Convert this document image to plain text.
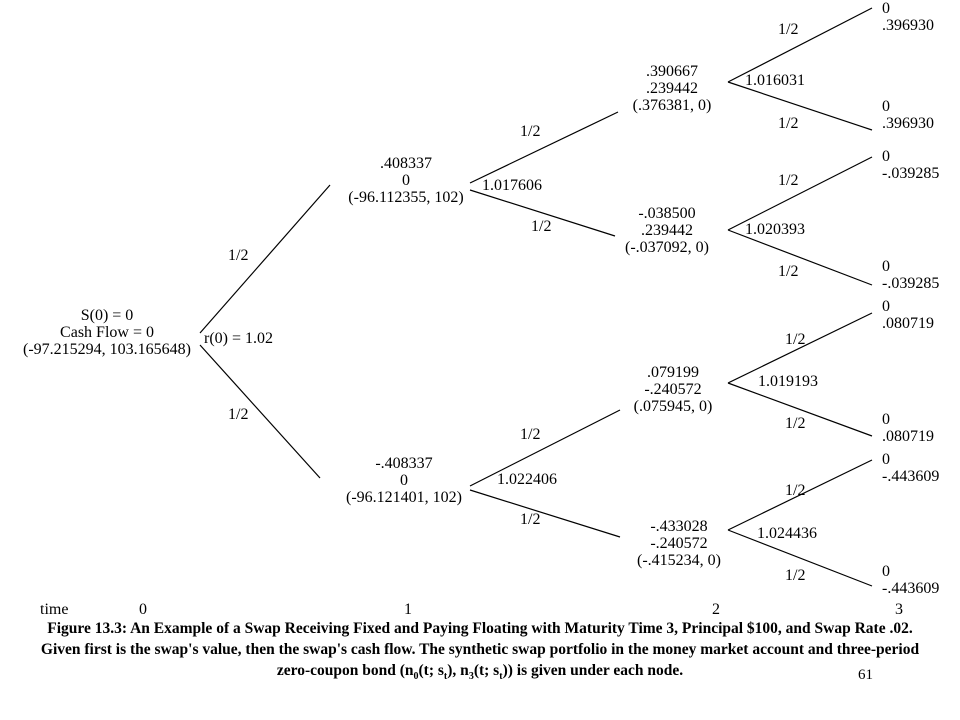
S(0) = 0
Cash Flow = 0
(-97.215294, 103.165648)
r(0) = 1.02
.408337
0
(-96.112355, 102)
1.017606
-.408337
0
(-96.121401, 102)
1.022406
.390667
.239442
(.376381, 0)
1.016031
-.038500
.239442
(-.037092, 0)
1.020393
.079199
-.240572
(.075945, 0)
1.019193
-.433028
-.240572
(-.415234, 0)
1.024436
0
.396930
0
.396930
0
-.039285
0
-.039285
0
.080719
0
.080719
0
-.443609
0
-.443609
1/2
1/2
1/2
1/2
1/2
1/2
1/2
1/2
1/2
1/2
1/2
1/2
1/2
1/2
time	0	1	2	3
Figure 13.3: An Example of a Swap Receiving Fixed and Paying Floating with Maturity Time 3, Principal $100, and Swap Rate .02. Given first is the swap's value, then the swap's cash flow. The synthetic swap portfolio in the money market account and three-period zero-coupon bond ($n_0(t$; $s_t$), $n_3(t$; $s_t$)) is given under each node.	61
